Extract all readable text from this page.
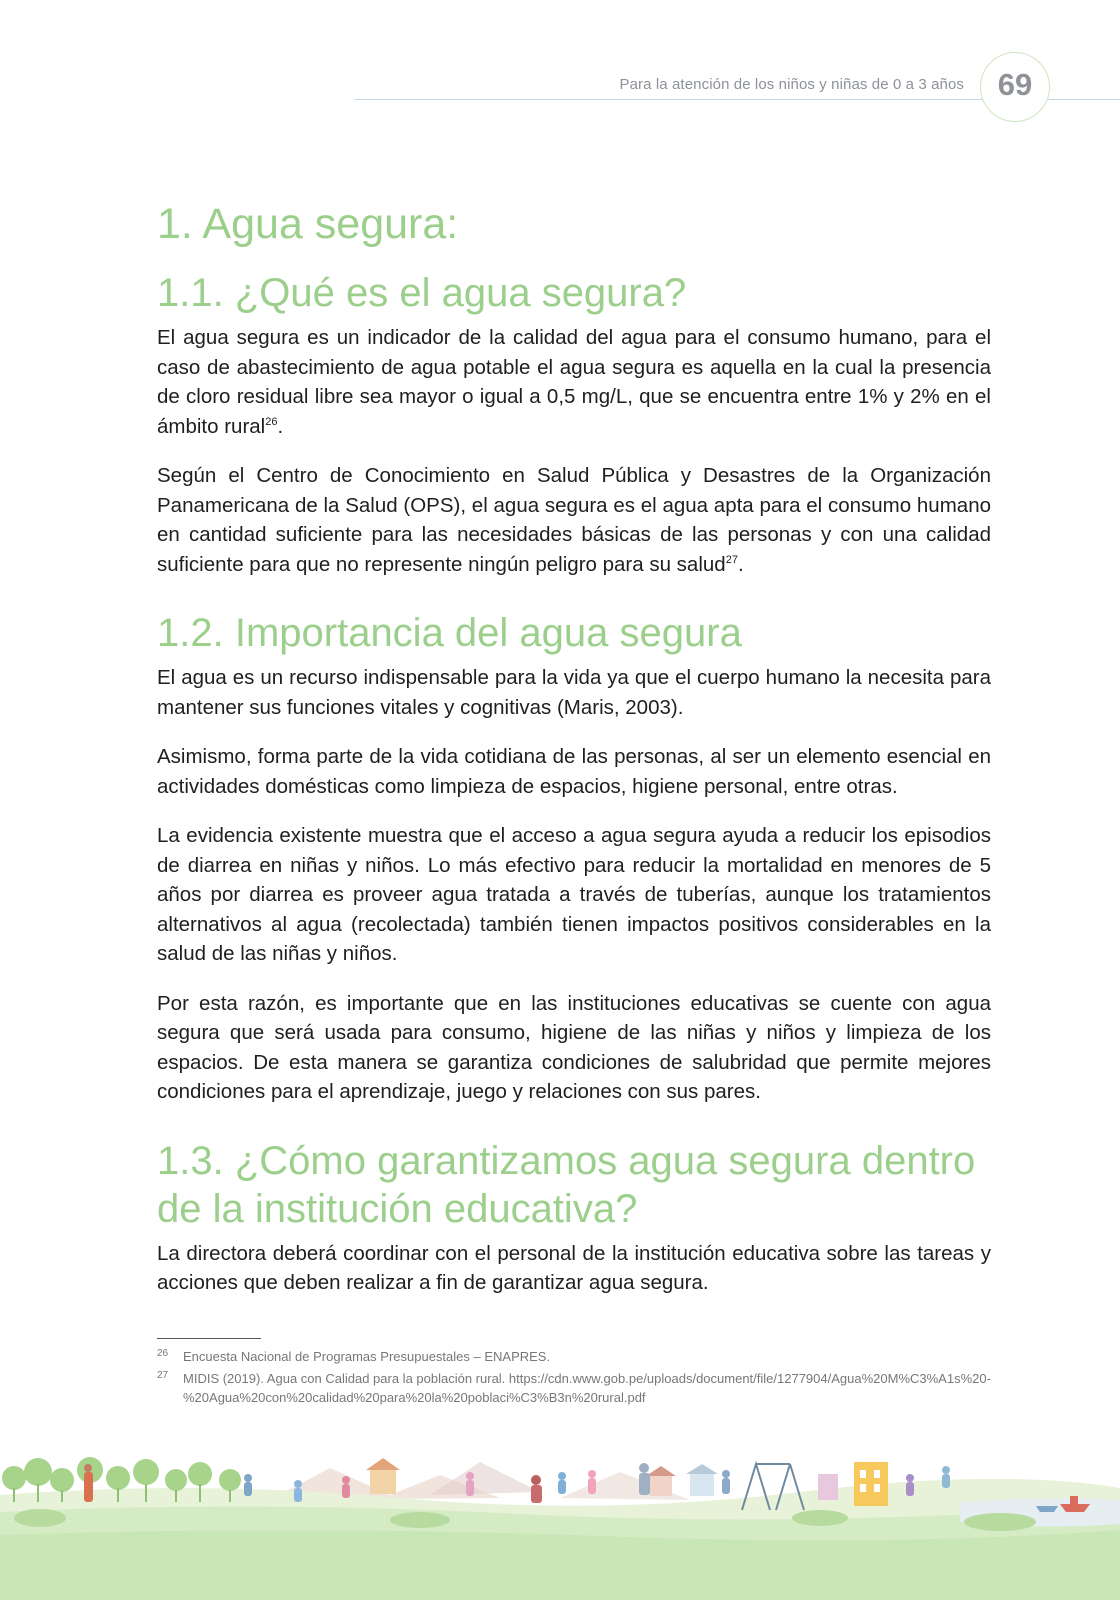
Para la atención de los niños y niñas de 0 a 3 años	69
1. Agua segura:
1.1. ¿Qué es el agua segura?

El agua segura es un indicador de la calidad del agua para el consumo humano, para el caso de abastecimiento de agua potable el agua segura es aquella en la cual la presencia de cloro residual libre sea mayor o igual a 0,5 mg/L, que se encuentra entre 1% y 2% en el ámbito rural$^{26}$.

Según el Centro de Conocimiento en Salud Pública y Desastres de la Organización Panamericana de la Salud (OPS), el agua segura es el agua apta para el consumo humano en cantidad suficiente para las necesidades básicas de las personas y con una calidad suficiente para que no represente ningún peligro para su salud$^{27}$.

1.2. Importancia del agua segura

El agua es un recurso indispensable para la vida ya que el cuerpo humano la necesita para mantener sus funciones vitales y cognitivas (Maris, 2003).

Asimismo, forma parte de la vida cotidiana de las personas, al ser un elemento esencial en actividades domésticas como limpieza de espacios, higiene personal, entre otras.

La evidencia existente muestra que el acceso a agua segura ayuda a reducir los episodios de diarrea en niñas y niños. Lo más efectivo para reducir la mortalidad en menores de 5 años por diarrea es proveer agua tratada a través de tuberías, aunque los tratamientos alternativos al agua (recolectada) también tienen impactos positivos considerables en la salud de las niñas y niños.

Por esta razón, es importante que en las instituciones educativas se cuente con agua segura que será usada para consumo, higiene de las niñas y niños y limpieza de los espacios. De esta manera se garantiza condiciones de salubridad que permite mejores condiciones para el aprendizaje, juego y relaciones con sus pares.

1.3. ¿Cómo garantizamos agua segura dentro de la institución educativa?

La directora deberá coordinar con el personal de la institución educativa sobre las tareas y acciones que deben realizar a fin de garantizar agua segura.

26	Encuesta Nacional de Programas Presupuestales – ENAPRES.
27	MIDIS (2019). Agua con Calidad para la población rural. https://cdn.www.gob.pe/uploads/document/file/1277904/Agua%20M%C3%A1s%20-%20Agua%20con%20calidad%20para%20la%20poblaci%C3%B3n%20rural.pdf
